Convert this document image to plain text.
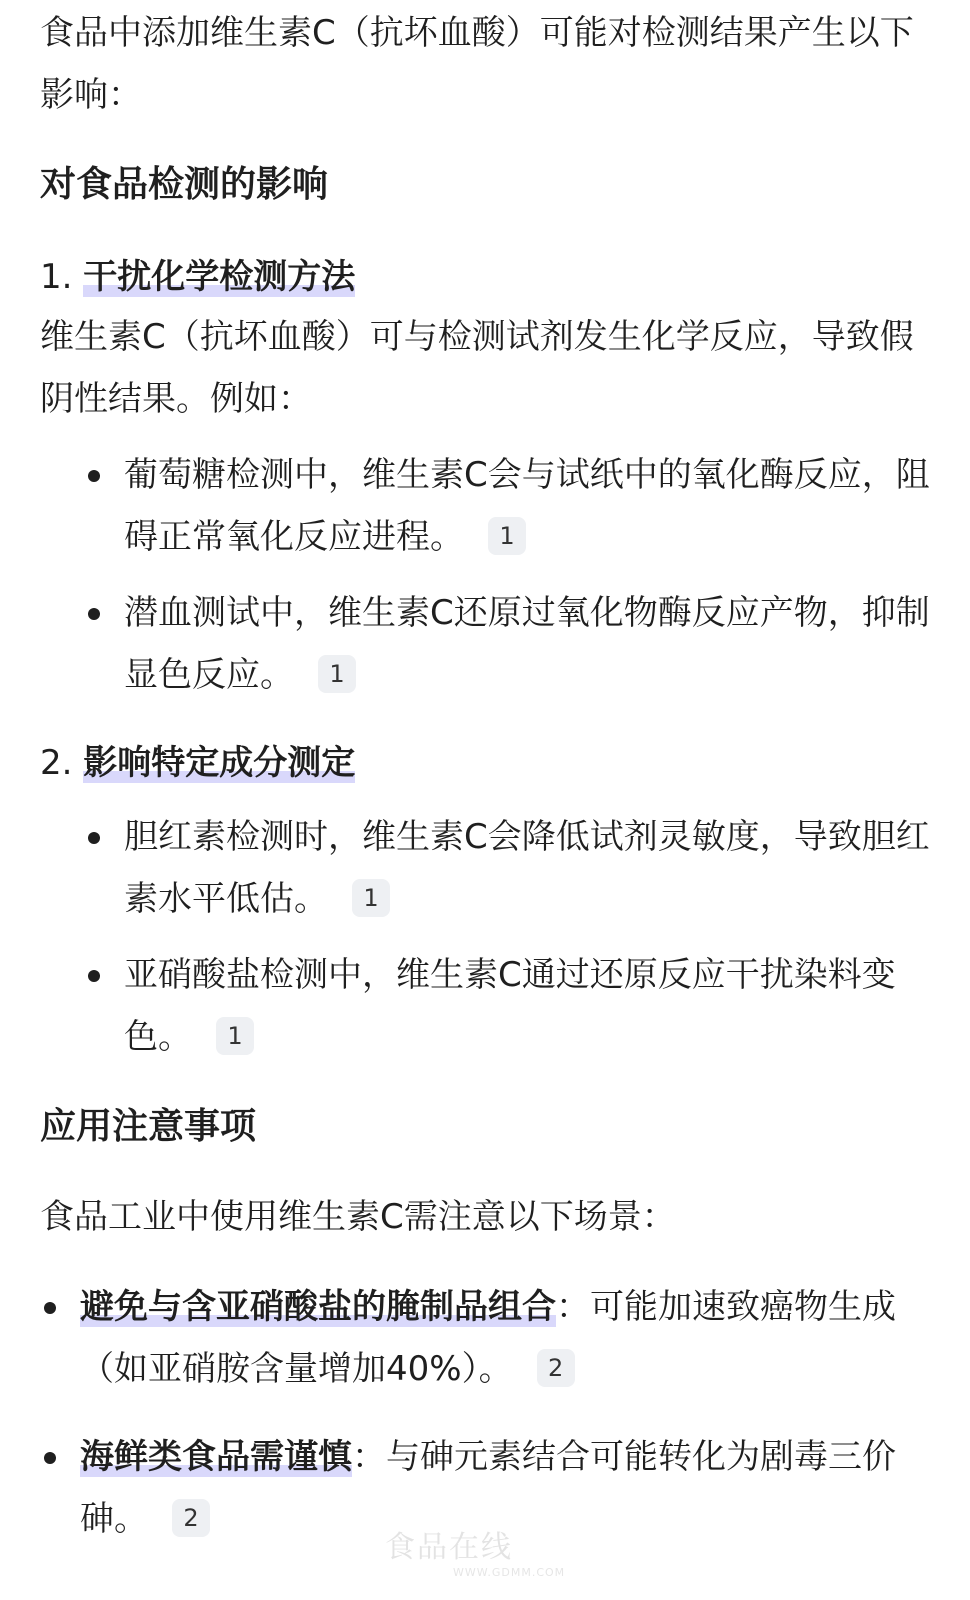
食品中添加维生素C（抗坏血酸）可能对检测结果产生以下影响：

对食品检测的影响
1. 干扰化学检测方法

维生素C（抗坏血酸）可与检测试剂发生化学反应，导致假阴性结果。例如：

葡萄糖检测中，维生素C会与试纸中的氧化酶反应，阻碍正常氧化反应进程。 1
潜血测试中，维生素C还原过氧化物酶反应产物，抑制显色反应。 1
2. 影响特定成分测定
胆红素检测时，维生素C会降低试剂灵敏度，导致胆红素水平低估。 1
亚硝酸盐检测中，维生素C通过还原反应干扰染料变色。 1
应用注意事项

食品工业中使用维生素C需注意以下场景：

避免与含亚硝酸盐的腌制品组合：可能加速致癌物生成（如亚硝胺含量增加40%）。 2
海鲜类食品需谨慎：与砷元素结合可能转化为剧毒三价砷。 2
食品在线
WWW.GDMM.COM
